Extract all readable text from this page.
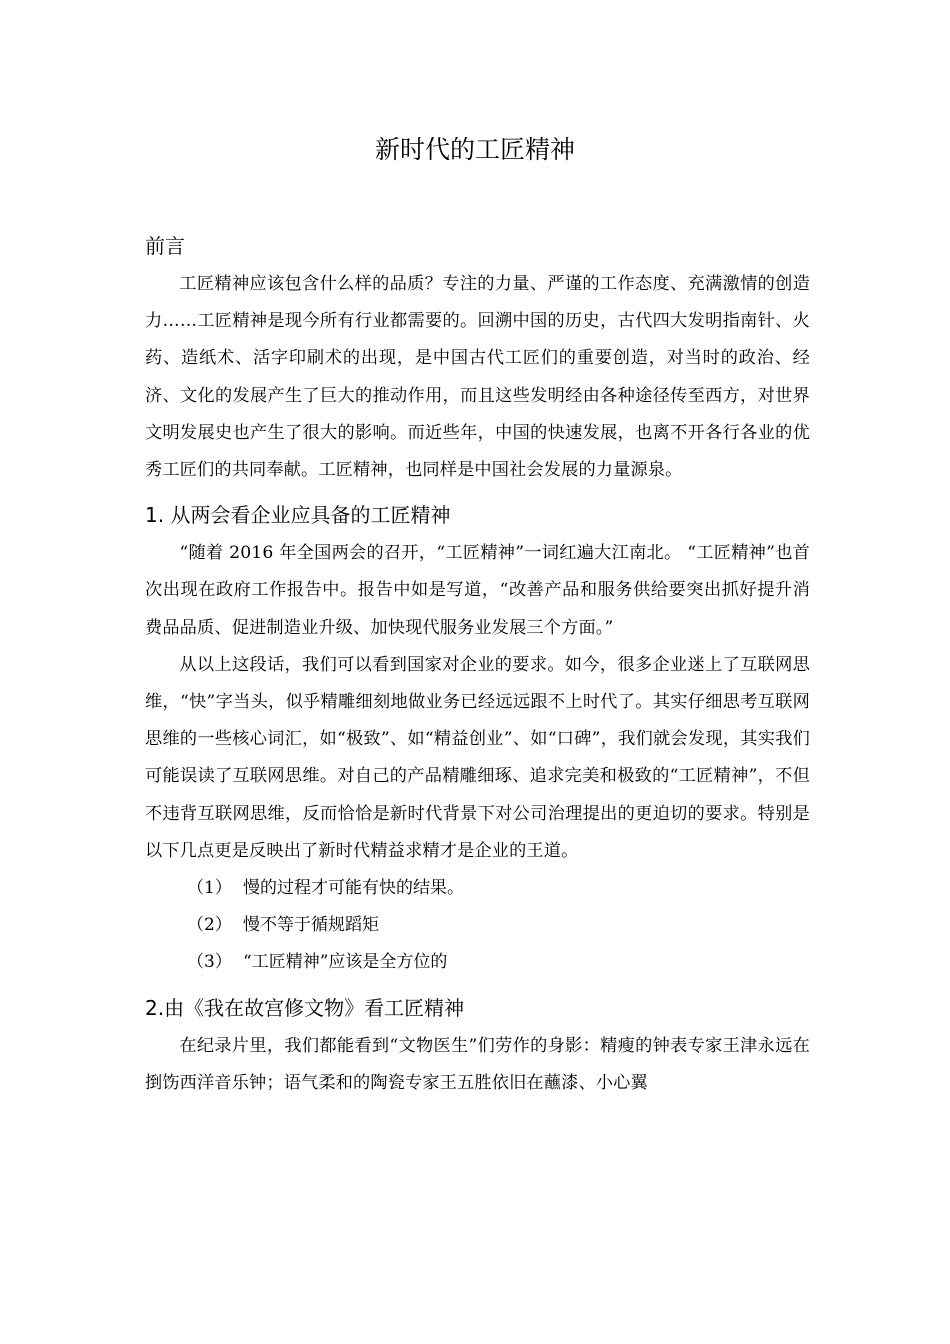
新时代的工匠精神
前言

工匠精神应该包含什么样的品质？专注的力量、严谨的工作态度、充满激情的创造力……工匠精神是现今所有行业都需要的。回溯中国的历史，古代四大发明指南针、火药、造纸术、活字印刷术的出现，是中国古代工匠们的重要创造，对当时的政治、经济、文化的发展产生了巨大的推动作用，而且这些发明经由各种途径传至西方，对世界文明发展史也产生了很大的影响。而近些年，中国的快速发展，也离不开各行各业的优秀工匠们的共同奉献。工匠精神，也同样是中国社会发展的力量源泉。

1. 从两会看企业应具备的工匠精神

“随着 2016 年全国两会的召开，“工匠精神”一词红遍大江南北。 “工匠精神”也首次出现在政府工作报告中。报告中如是写道，“改善产品和服务供给要突出抓好提升消费品品质、促进制造业升级、加快现代服务业发展三个方面。”

从以上这段话，我们可以看到国家对企业的要求。如今，很多企业迷上了互联网思维，“快”字当头，似乎精雕细刻地做业务已经远远跟不上时代了。其实仔细思考互联网思维的一些核心词汇，如“极致”、如“精益创业”、如“口碑”，我们就会发现，其实我们可能误读了互联网思维。对自己的产品精雕细琢、追求完美和极致的“工匠精神”，不但不违背互联网思维，反而恰恰是新时代背景下对公司治理提出的更迫切的要求。特别是以下几点更是反映出了新时代精益求精才是企业的王道。

（1） 慢的过程才可能有快的结果。
（2） 慢不等于循规蹈矩
（3） “工匠精神”应该是全方位的
2.由《我在故宫修文物》看工匠精神

在纪录片里，我们都能看到“文物医生”们劳作的身影：精瘦的钟表专家王津永远在捯饬西洋音乐钟；语气柔和的陶瓷专家王五胜依旧在蘸漆、小心翼
